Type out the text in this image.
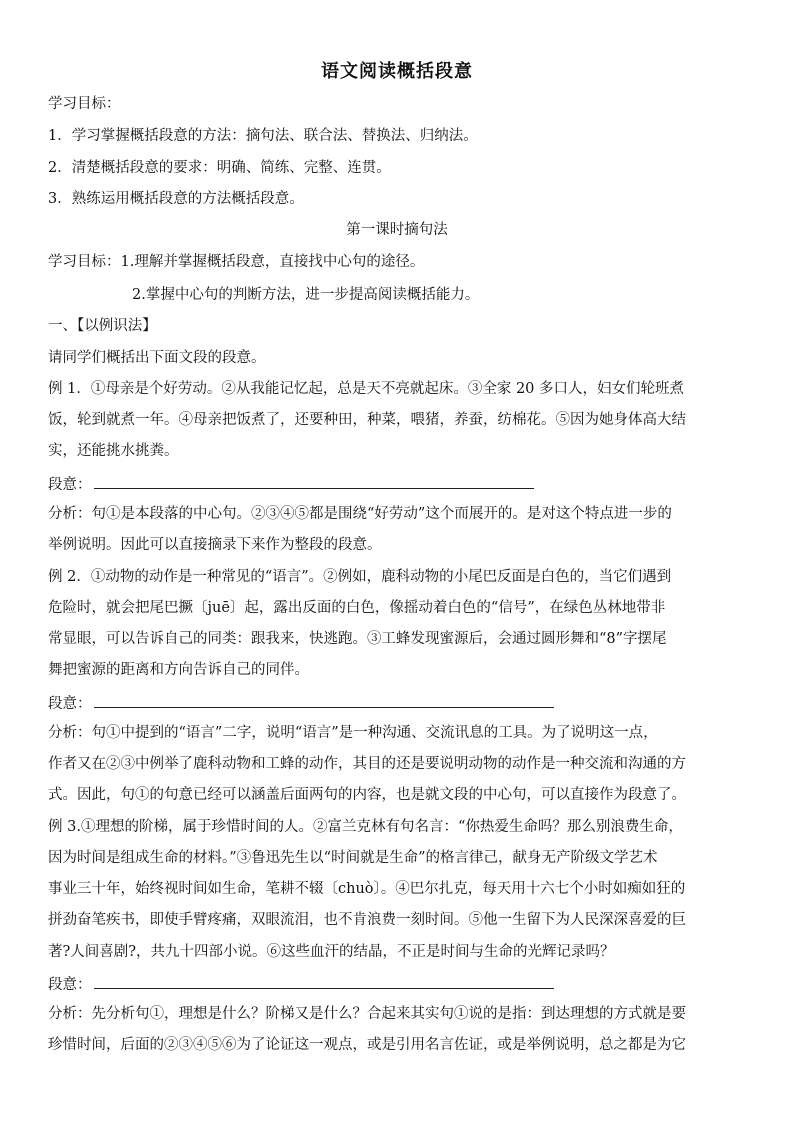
语文阅读概括段意
学习目标：
1．学习掌握概括段意的方法：摘句法、联合法、替换法、归纳法。
2．清楚概括段意的要求：明确、简练、完整、连贯。
3．熟练运用概括段意的方法概括段意。
第一课时摘句法
学习目标：1.理解并掌握概括段意，直接找中心句的途径。
2.掌握中心句的判断方法，进一步提高阅读概括能力。
一、【以例识法】
请同学们概括出下面文段的段意。
例 1．①母亲是个好劳动。②从我能记忆起，总是天不亮就起床。③全家 20 多口人，妇女们轮班煮
饭，轮到就煮一年。④母亲把饭煮了，还要种田，种菜，喂猪，养蚕，纺棉花。⑤因为她身体高大结
实，还能挑水挑粪。
段意：
分析：句①是本段落的中心句。②③④⑤都是围绕“好劳动”这个而展开的。是对这个特点进一步的
举例说明。因此可以直接摘录下来作为整段的段意。
例 2．①动物的动作是一种常见的“语言”。②例如，鹿科动物的小尾巴反面是白色的，当它们遇到
危险时，就会把尾巴撅〔juē〕起，露出反面的白色，像摇动着白色的“信号”，在绿色丛林地带非
常显眼，可以告诉自己的同类：跟我来，快逃跑。③工蜂发现蜜源后，会通过圆形舞和“8”字摆尾
舞把蜜源的距离和方向告诉自己的同伴。
段意：
分析：句①中提到的“语言”二字，说明“语言”是一种沟通、交流讯息的工具。为了说明这一点，
作者又在②③中例举了鹿科动物和工蜂的动作，其目的还是要说明动物的动作是一种交流和沟通的方
式。因此，句①的句意已经可以涵盖后面两句的内容，也是就文段的中心句，可以直接作为段意了。
例 3.①理想的阶梯，属于珍惜时间的人。②富兰克林有句名言：“你热爱生命吗？那么别浪费生命，
因为时间是组成生命的材料。”③鲁迅先生以“时间就是生命”的格言律己，献身无产阶级文学艺术
事业三十年，始终视时间如生命，笔耕不辍〔chuò〕。④巴尔扎克，每天用十六七个小时如痴如狂的
拼劲奋笔疾书，即使手臂疼痛，双眼流泪，也不肯浪费一刻时间。⑤他一生留下为人民深深喜爱的巨
著?人间喜剧?，共九十四部小说。⑥这些血汗的结晶，不正是时间与生命的光辉记录吗？
段意：
分析：先分析句①，理想是什么？阶梯又是什么？合起来其实句①说的是指：到达理想的方式就是要
珍惜时间，后面的②③④⑤⑥为了论证这一观点，或是引用名言佐证，或是举例说明，总之都是为它
